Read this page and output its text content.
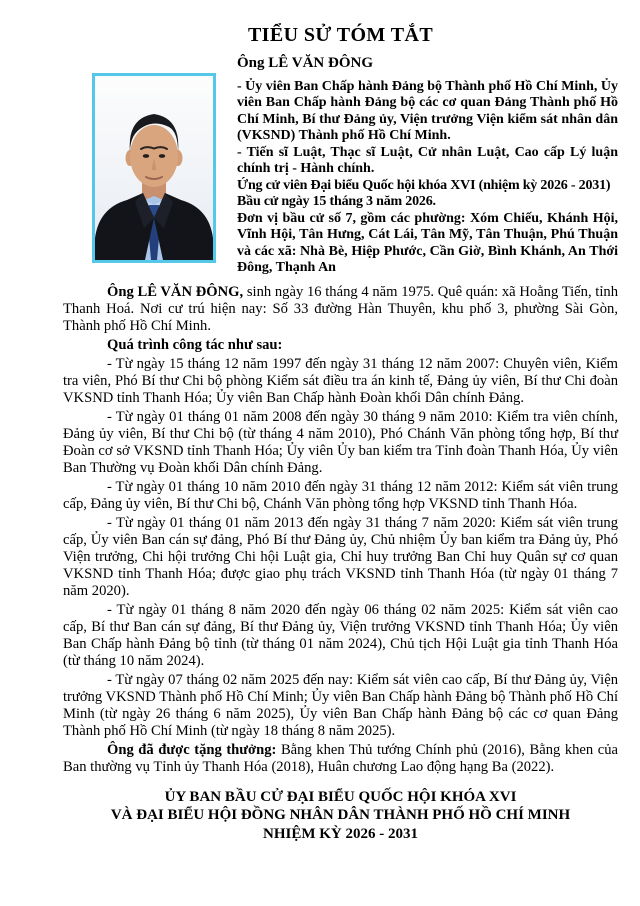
TIỂU SỬ TÓM TẮT
Ông LÊ VĂN ĐÔNG

- Ủy viên Ban Chấp hành Đảng bộ Thành phố Hồ Chí Minh, Ủy viên Ban Chấp hành Đảng bộ các cơ quan Đảng Thành phố Hồ Chí Minh, Bí thư Đảng ủy, Viện trưởng Viện kiểm sát nhân dân (VKSND) Thành phố Hồ Chí Minh.

- Tiến sĩ Luật, Thạc sĩ Luật, Cử nhân Luật, Cao cấp Lý luận chính trị - Hành chính.

Ứng cử viên Đại biểu Quốc hội khóa XVI (nhiệm kỳ 2026 - 2031)

Bầu cử ngày 15 tháng 3 năm 2026.

Đơn vị bầu cử số 7, gồm các phường: Xóm Chiếu, Khánh Hội, Vĩnh Hội, Tân Hưng, Cát Lái, Tân Mỹ, Tân Thuận, Phú Thuận và các xã: Nhà Bè, Hiệp Phước, Cần Giờ, Bình Khánh, An Thới Đông, Thạnh An

Ông LÊ VĂN ĐÔNG, sinh ngày 16 tháng 4 năm 1975. Quê quán: xã Hoằng Tiến, tỉnh Thanh Hoá. Nơi cư trú hiện nay: Số 33 đường Hàn Thuyên, khu phố 3, phường Sài Gòn, Thành phố Hồ Chí Minh.

Quá trình công tác như sau:

- Từ ngày 15 tháng 12 năm 1997 đến ngày 31 tháng 12 năm 2007: Chuyên viên, Kiểm tra viên, Phó Bí thư Chi bộ phòng Kiểm sát điều tra án kinh tế, Đảng ủy viên, Bí thư Chi đoàn VKSND tỉnh Thanh Hóa; Ủy viên Ban Chấp hành Đoàn khối Dân chính Đảng.

- Từ ngày 01 tháng 01 năm 2008 đến ngày 30 tháng 9 năm 2010: Kiểm tra viên chính, Đảng ủy viên, Bí thư Chi bộ (từ tháng 4 năm 2010), Phó Chánh Văn phòng tổng hợp, Bí thư Đoàn cơ sở VKSND tỉnh Thanh Hóa; Ủy viên Ủy ban kiểm tra Tỉnh đoàn Thanh Hóa, Ủy viên Ban Thường vụ Đoàn khối Dân chính Đảng.

- Từ ngày 01 tháng 10 năm 2010 đến ngày 31 tháng 12 năm 2012: Kiểm sát viên trung cấp, Đảng ủy viên, Bí thư Chi bộ, Chánh Văn phòng tổng hợp VKSND tỉnh Thanh Hóa.

- Từ ngày 01 tháng 01 năm 2013 đến ngày 31 tháng 7 năm 2020: Kiểm sát viên trung cấp, Ủy viên Ban cán sự đảng, Phó Bí thư Đảng ủy, Chủ nhiệm Ủy ban kiểm tra Đảng ủy, Phó Viện trưởng, Chi hội trưởng Chi hội Luật gia, Chỉ huy trưởng Ban Chỉ huy Quân sự cơ quan VKSND tỉnh Thanh Hóa; được giao phụ trách VKSND tỉnh Thanh Hóa (từ ngày 01 tháng 7 năm 2020).

- Từ ngày 01 tháng 8 năm 2020 đến ngày 06 tháng 02 năm 2025: Kiểm sát viên cao cấp, Bí thư Ban cán sự đảng, Bí thư Đảng ủy, Viện trưởng VKSND tỉnh Thanh Hóa; Ủy viên Ban Chấp hành Đảng bộ tỉnh (từ tháng 01 năm 2024), Chủ tịch Hội Luật gia tỉnh Thanh Hóa (từ tháng 10 năm 2024).

- Từ ngày 07 tháng 02 năm 2025 đến nay: Kiểm sát viên cao cấp, Bí thư Đảng ủy, Viện trưởng VKSND Thành phố Hồ Chí Minh; Ủy viên Ban Chấp hành Đảng bộ Thành phố Hồ Chí Minh (từ ngày 26 tháng 6 năm 2025), Ủy viên Ban Chấp hành Đảng bộ các cơ quan Đảng Thành phố Hồ Chí Minh (từ ngày 18 tháng 8 năm 2025).

Ông đã được tặng thưởng: Bằng khen Thủ tướng Chính phủ (2016), Bằng khen của Ban thường vụ Tỉnh ủy Thanh Hóa (2018), Huân chương Lao động hạng Ba (2022).

ỦY BAN BẦU CỬ ĐẠI BIỂU QUỐC HỘI KHÓA XVI
VÀ ĐẠI BIỂU HỘI ĐỒNG NHÂN DÂN THÀNH PHỐ HỒ CHÍ MINH
NHIỆM KỲ 2026 - 2031
